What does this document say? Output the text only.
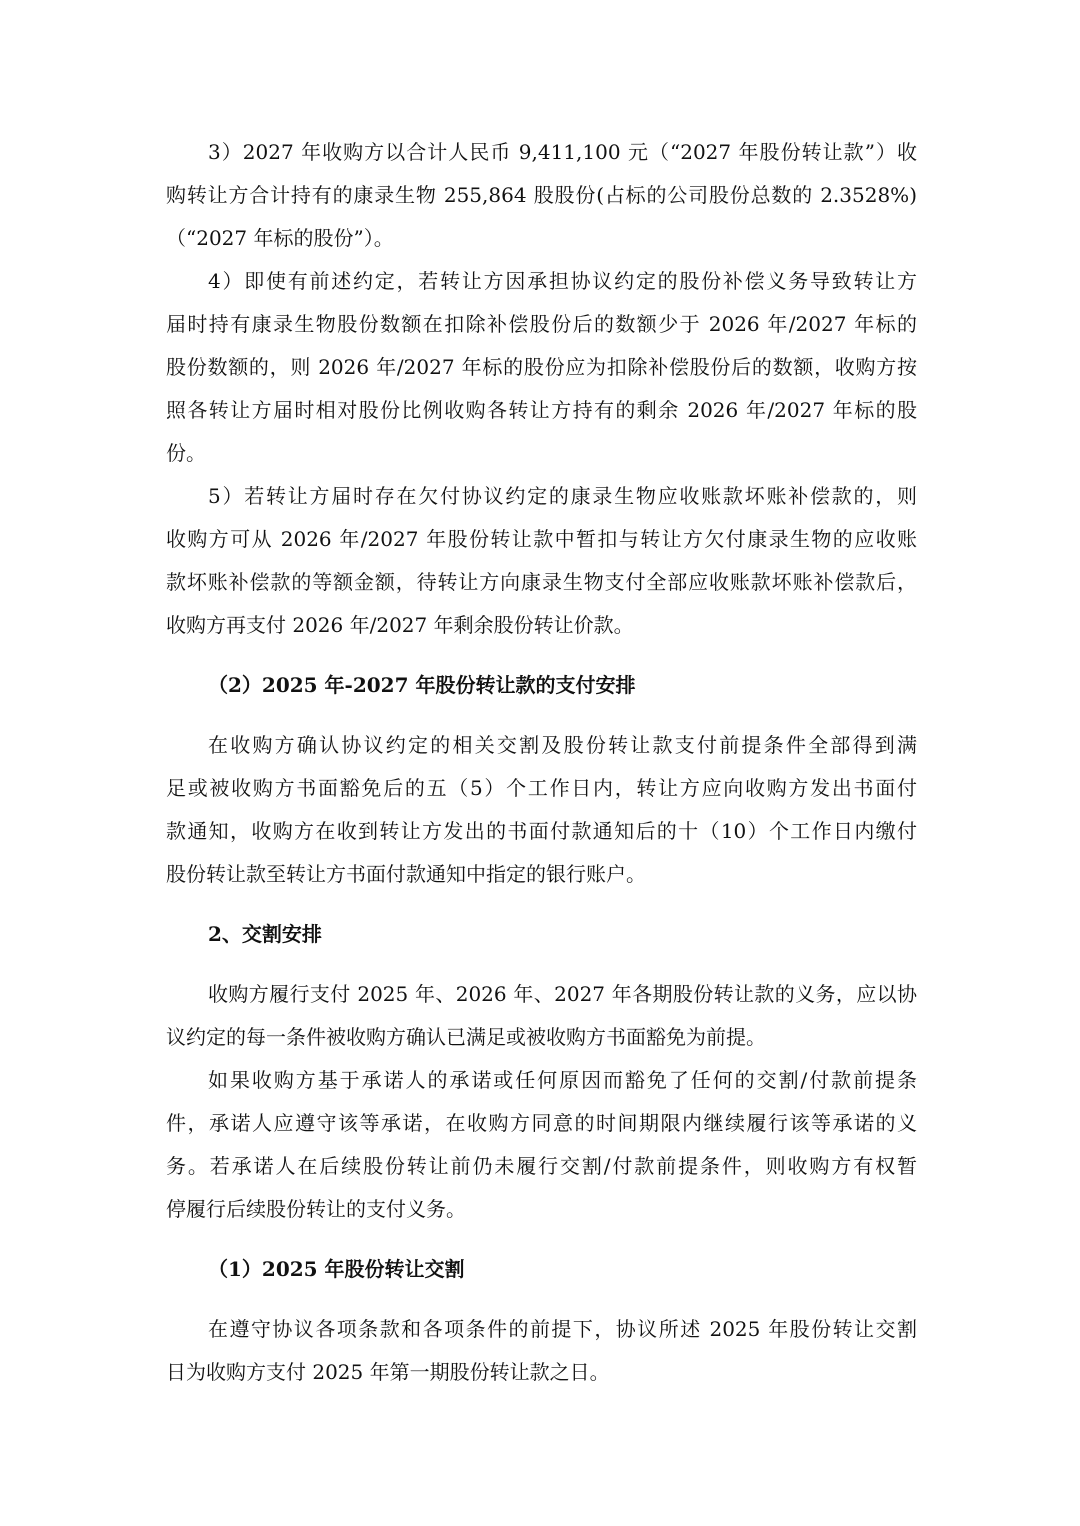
3）2027 年收购方以合计人民币 9,411,100 元（“2027 年股份转让款”）收
购转让方合计持有的康录生物 255,864 股股份(占标的公司股份总数的 2.3528%)
（“2027 年标的股份”）。
4）即使有前述约定，若转让方因承担协议约定的股份补偿义务导致转让方
届时持有康录生物股份数额在扣除补偿股份后的数额少于 2026 年/2027 年标的
股份数额的，则 2026 年/2027 年标的股份应为扣除补偿股份后的数额，收购方按
照各转让方届时相对股份比例收购各转让方持有的剩余 2026 年/2027 年标的股
份。
5）若转让方届时存在欠付协议约定的康录生物应收账款坏账补偿款的，则
收购方可从 2026 年/2027 年股份转让款中暂扣与转让方欠付康录生物的应收账
款坏账补偿款的等额金额，待转让方向康录生物支付全部应收账款坏账补偿款后，
收购方再支付 2026 年/2027 年剩余股份转让价款。
（2）2025 年-2027 年股份转让款的支付安排
在收购方确认协议约定的相关交割及股份转让款支付前提条件全部得到满
足或被收购方书面豁免后的五（5）个工作日内，转让方应向收购方发出书面付
款通知，收购方在收到转让方发出的书面付款通知后的十（10）个工作日内缴付
股份转让款至转让方书面付款通知中指定的银行账户。
2、交割安排
收购方履行支付 2025 年、2026 年、2027 年各期股份转让款的义务，应以协
议约定的每一条件被收购方确认已满足或被收购方书面豁免为前提。
如果收购方基于承诺人的承诺或任何原因而豁免了任何的交割/付款前提条
件，承诺人应遵守该等承诺，在收购方同意的时间期限内继续履行该等承诺的义
务。若承诺人在后续股份转让前仍未履行交割/付款前提条件，则收购方有权暂
停履行后续股份转让的支付义务。
（1）2025 年股份转让交割
在遵守协议各项条款和各项条件的前提下，协议所述 2025 年股份转让交割
日为收购方支付 2025 年第一期股份转让款之日。
